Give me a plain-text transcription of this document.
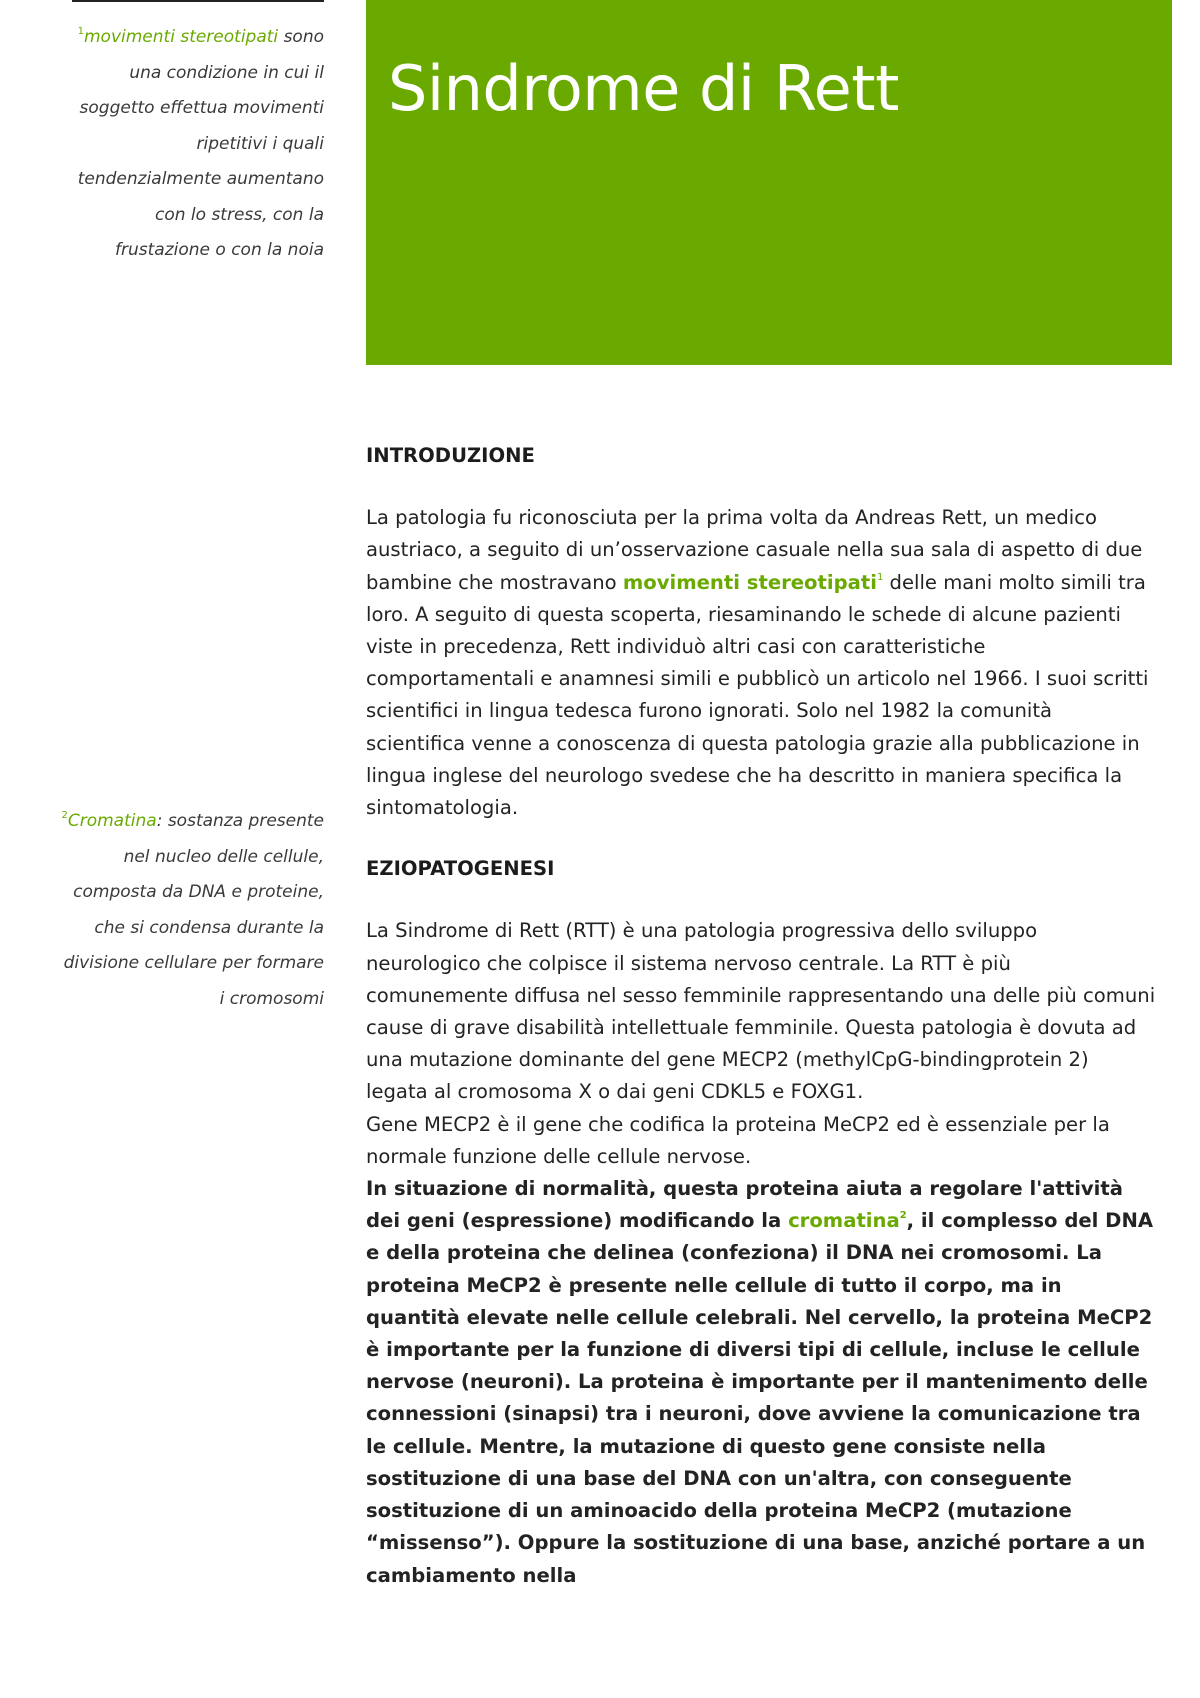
$^1$movimenti stereotipati sono una condizione in cui il soggetto effettua movimenti ripetitivi i quali tendenzialmente aumentano con lo stress, con la frustazione o con la noia
$^2$Cromatina: sostanza presente nel nucleo delle cellule, composta da DNA e proteine, che si condensa durante la divisione cellulare per formare i cromosomi
Sindrome di Rett
INTRODUZIONE

La patologia fu riconosciuta per la prima volta da Andreas Rett, un medico austriaco, a seguito di un’osservazione casuale nella sua sala di aspetto di due bambine che mostravano movimenti stereotipati$^1$ delle mani molto simili tra loro. A seguito di questa scoperta, riesaminando le schede di alcune pazienti viste in precedenza, Rett individuò altri casi con caratteristiche comportamentali e anamnesi simili e pubblicò un articolo nel 1966. I suoi scritti scientifici in lingua tedesca furono ignorati. Solo nel 1982 la comunità scientifica venne a conoscenza di questa patologia grazie alla pubblicazione in lingua inglese del neurologo svedese che ha descritto in maniera specifica la sintomatologia.

EZIOPATOGENESI

La Sindrome di Rett (RTT) è una patologia progressiva dello sviluppo neurologico che colpisce il sistema nervoso centrale. La RTT è più comunemente diffusa nel sesso femminile rappresentando una delle più comuni cause di grave disabilità intellettuale femminile. Questa patologia è dovuta ad una mutazione dominante del gene MECP2 (methylCpG-bindingprotein 2) legata al cromosoma X o dai geni CDKL5 e FOXG1.

Gene MECP2 è il gene che codifica la proteina MeCP2 ed è essenziale per la normale funzione delle cellule nervose.

In situazione di normalità, questa proteina aiuta a regolare l'attività dei geni (espressione) modificando la cromatina$^2$, il complesso del DNA e della proteina che delinea (confeziona) il DNA nei cromosomi. La proteina MeCP2 è presente nelle cellule di tutto il corpo, ma in quantità elevate nelle cellule celebrali. Nel cervello, la proteina MeCP2 è importante per la funzione di diversi tipi di cellule, incluse le cellule nervose (neuroni). La proteina è importante per il mantenimento delle connessioni (sinapsi) tra i neuroni, dove avviene la comunicazione tra le cellule. Mentre, la mutazione di questo gene consiste nella sostituzione di una base del DNA con un'altra, con conseguente sostituzione di un aminoacido della proteina MeCP2 (mutazione “missenso”). Oppure la sostituzione di una base, anziché portare a un cambiamento nella
